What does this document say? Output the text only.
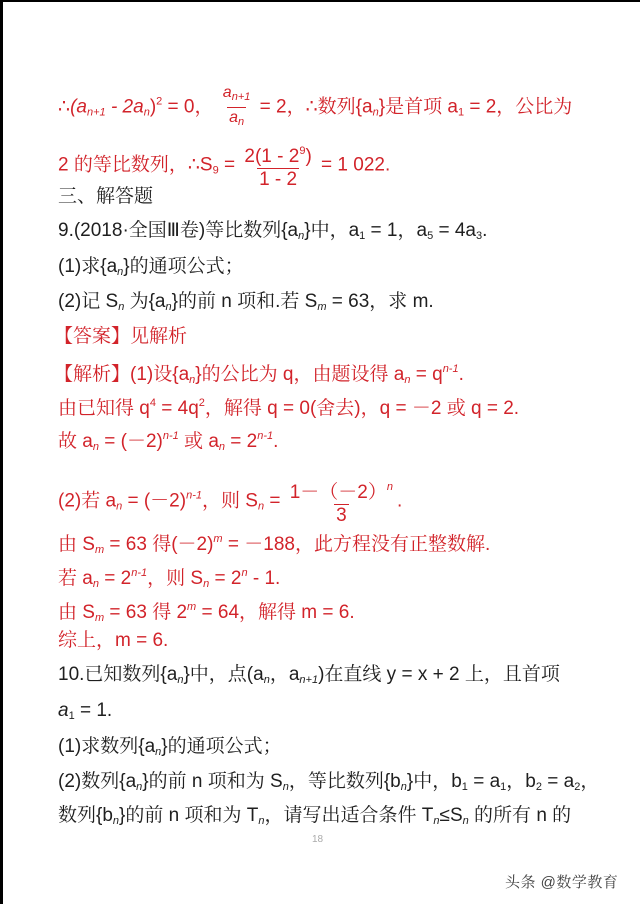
$\therefore(a_{n+1} - 2a_n)^2 = 0$， $\frac{a_{n+1}}{a_n} = 2$，∴数列$\{a_n\}$是首项 $a_1 = 2$，公比为
2 的等比数列，$\therefore S_9 = \frac{2(1 - 2^9)}{1 - 2} = 1$ 022.
三、解答题
9.(2018·全国Ⅲ卷)等比数列$\{a_n\}$中，$a_1 = 1$，$a_5 = 4a_3$.
(1)求$\{a_n\}$的通项公式；
(2)记 $S_n$ 为$\{a_n\}$的前 n 项和.若 $S_m = 63$，求 m.
【答案】见解析
【解析】(1)设$\{a_n\}$的公比为 q，由题设得 $a_n = q^{n-1}$.
由已知得 $q^4 = 4q^2$，解得 q = 0(舍去)，q = －2 或 q = 2.
故 $a_n = (-2)^{n-1}$ 或 $a_n = 2^{n-1}$.
(2)若 $a_n = (-2)^{n-1}$，则 $S_n = \frac{1-(-2)^n}{3}$ .
由 $S_m = 63$ 得$(-2)^m = -188$，此方程没有正整数解.
若 $a_n = 2^{n-1}$，则 $S_n = 2^n - 1$.
由 $S_m = 63$ 得 $2^m = 64$，解得 m = 6.
综上，m = 6.
10.已知数列$\{a_n\}$中，点($a_n$，$a_{n+1}$)在直线 y = x + 2 上，且首项
$a_1 = 1$.
(1)求数列$\{a_n\}$的通项公式；
(2)数列$\{a_n\}$的前 n 项和为 $S_n$，等比数列$\{b_n\}$中，$b_1 = a_1$，$b_2 = a_2$，
数列$\{b_n\}$的前 n 项和为 $T_n$，请写出适合条件 $T_n\le S_n$ 的所有 n 的
18
头条 @数学教育
